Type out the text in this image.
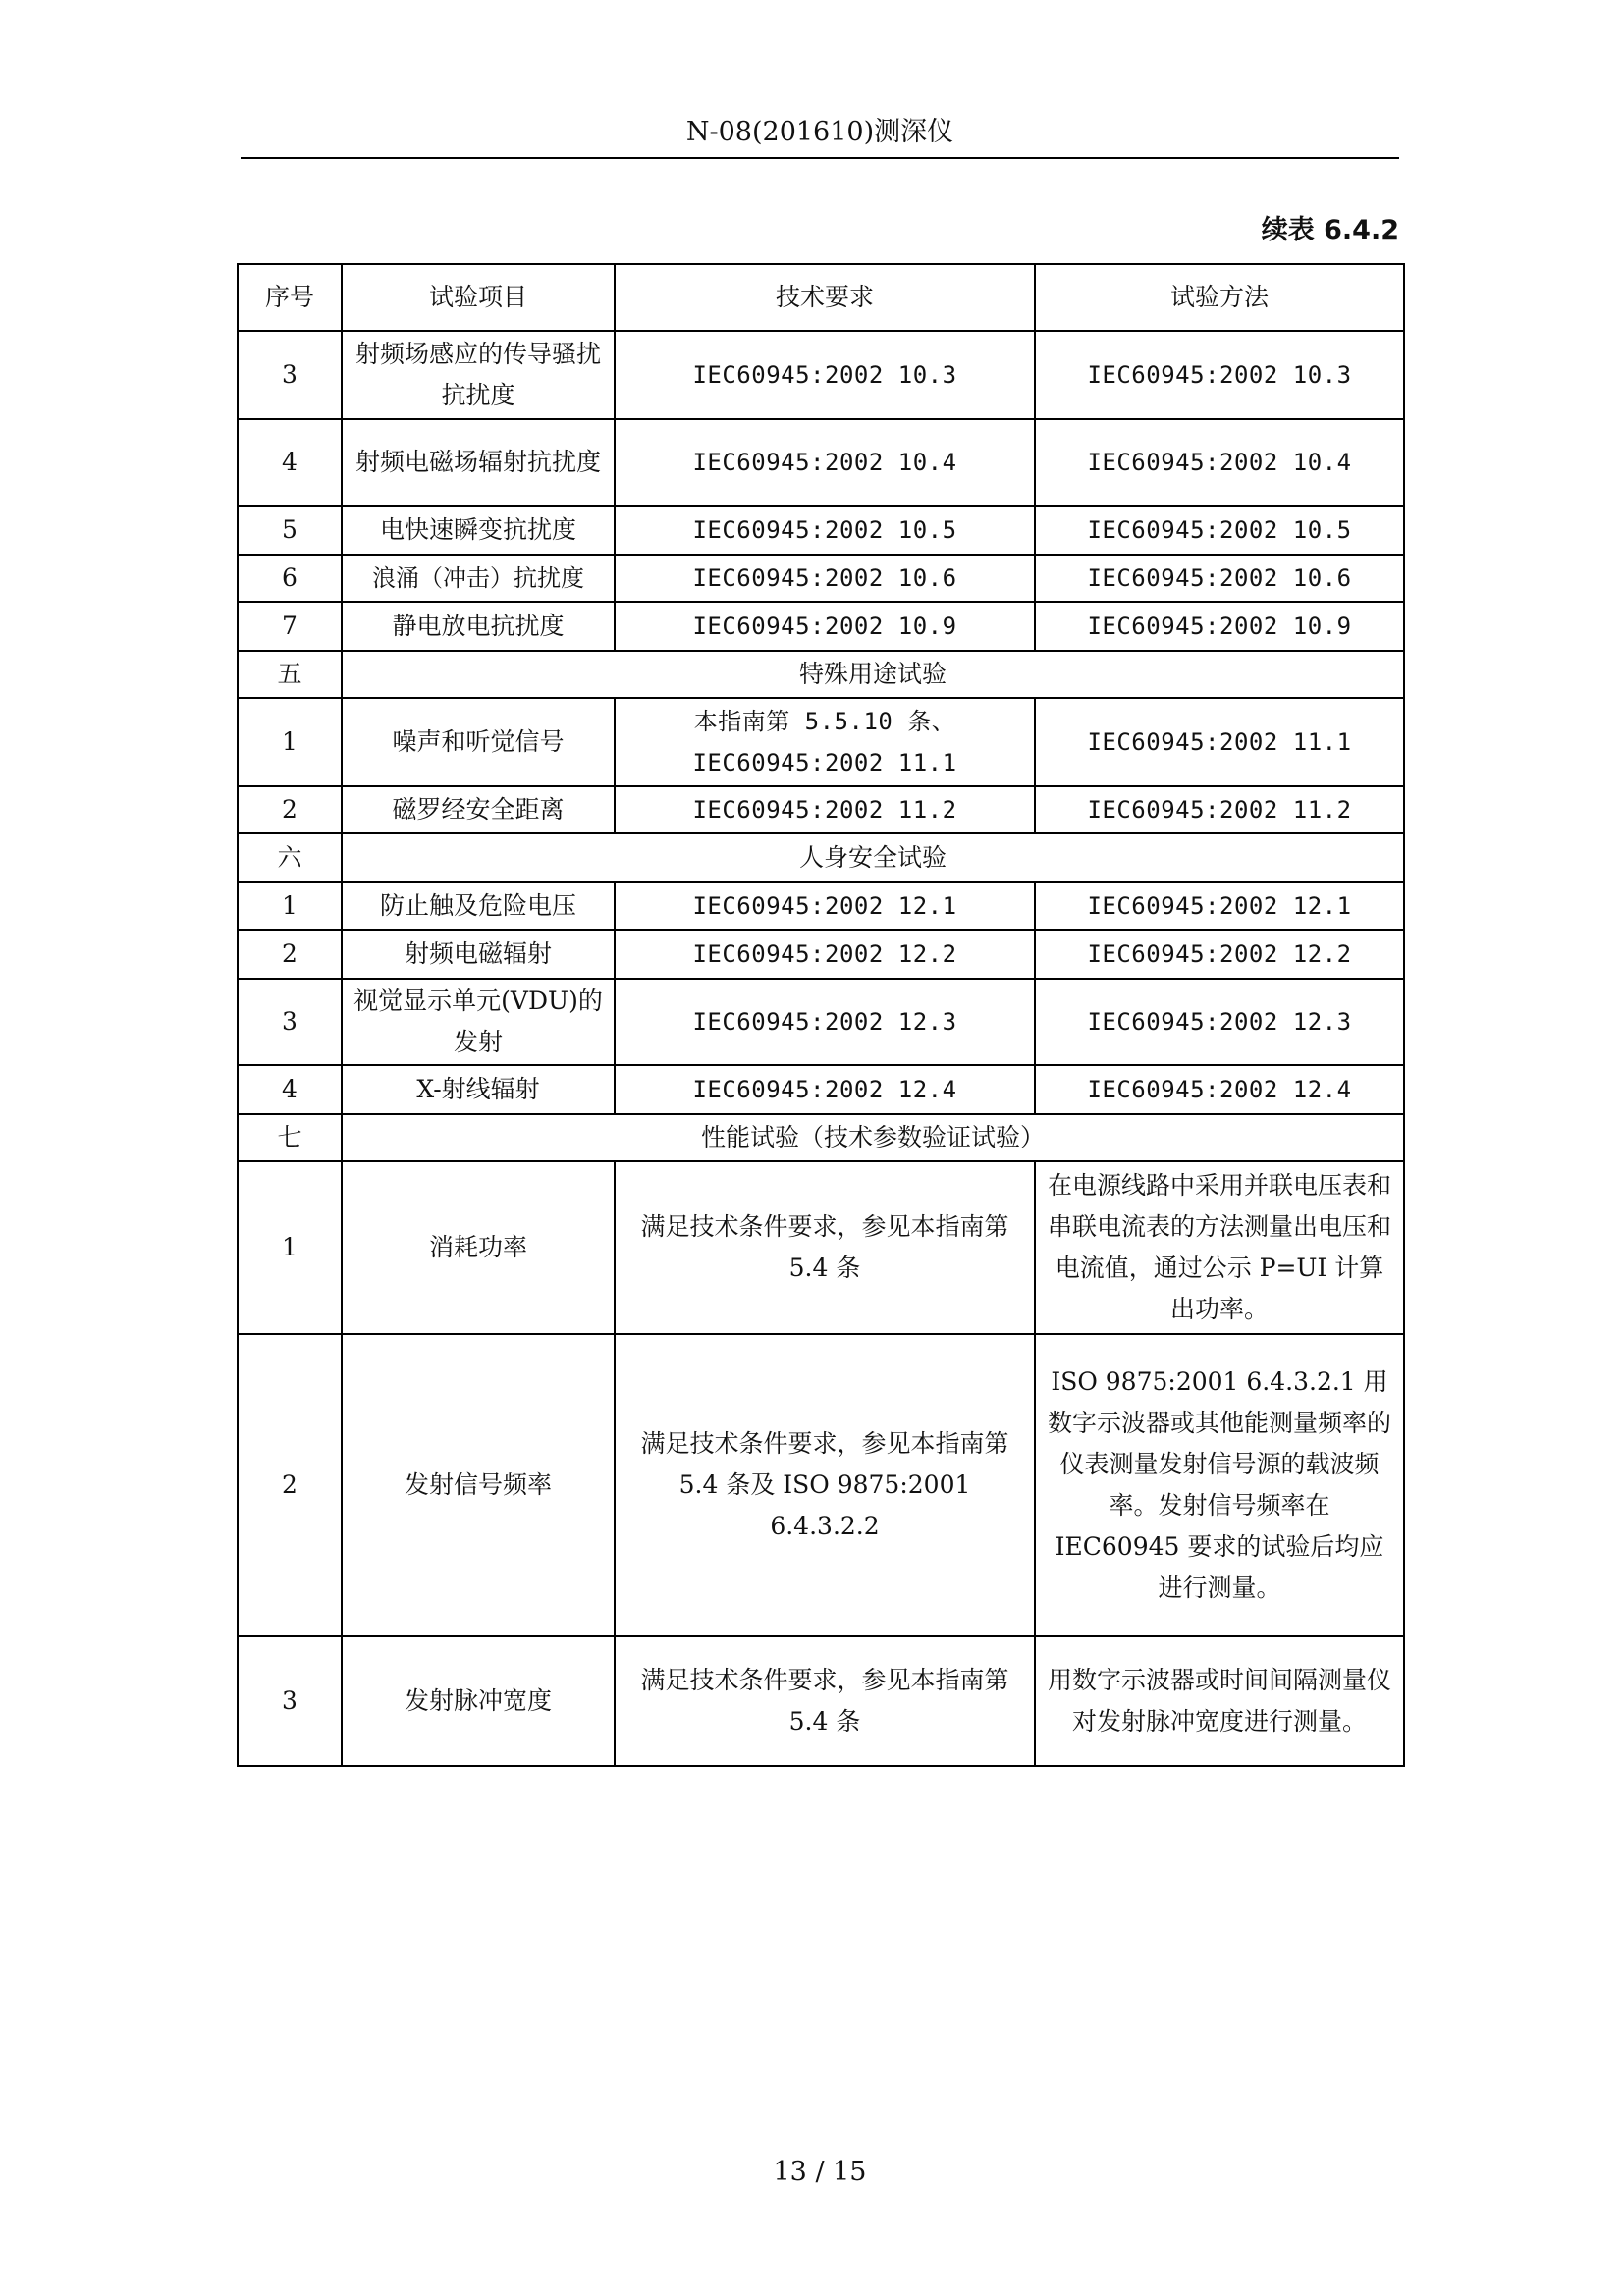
N-08(201610)测深仪
续表 6.4.2
序号	试验项目	技术要求	试验方法
3	射频场感应的传导骚扰抗扰度	IEC60945:2002 10.3	IEC60945:2002 10.3
4	射频电磁场辐射抗扰度	IEC60945:2002 10.4	IEC60945:2002 10.4
5	电快速瞬变抗扰度	IEC60945:2002 10.5	IEC60945:2002 10.5
6	浪涌（冲击）抗扰度	IEC60945:2002 10.6	IEC60945:2002 10.6
7	静电放电抗扰度	IEC60945:2002 10.9	IEC60945:2002 10.9
五	特殊用途试验		
1	噪声和听觉信号	本指南第 5.5.10 条、IEC60945:2002 11.1	IEC60945:2002 11.1
2	磁罗经安全距离	IEC60945:2002 11.2	IEC60945:2002 11.2
六	人身安全试验		
1	防止触及危险电压	IEC60945:2002 12.1	IEC60945:2002 12.1
2	射频电磁辐射	IEC60945:2002 12.2	IEC60945:2002 12.2
3	视觉显示单元(VDU)的发射	IEC60945:2002 12.3	IEC60945:2002 12.3
4	X-射线辐射	IEC60945:2002 12.4	IEC60945:2002 12.4
七	性能试验（技术参数验证试验）		
1	消耗功率	满足技术条件要求，参见本指南第 5.4 条	在电源线路中采用并联电压表和串联电流表的方法测量出电压和电流值，通过公示 P=UI 计算出功率。
2	发射信号频率	满足技术条件要求，参见本指南第 5.4 条及 ISO 9875:2001 6.4.3.2.2	ISO 9875:2001 6.4.3.2.1 用数字示波器或其他能测量频率的仪表测量发射信号源的载波频率。发射信号频率在 IEC60945 要求的试验后均应进行测量。
3	发射脉冲宽度	满足技术条件要求，参见本指南第 5.4 条	用数字示波器或时间间隔测量仪对发射脉冲宽度进行测量。
13 / 15
